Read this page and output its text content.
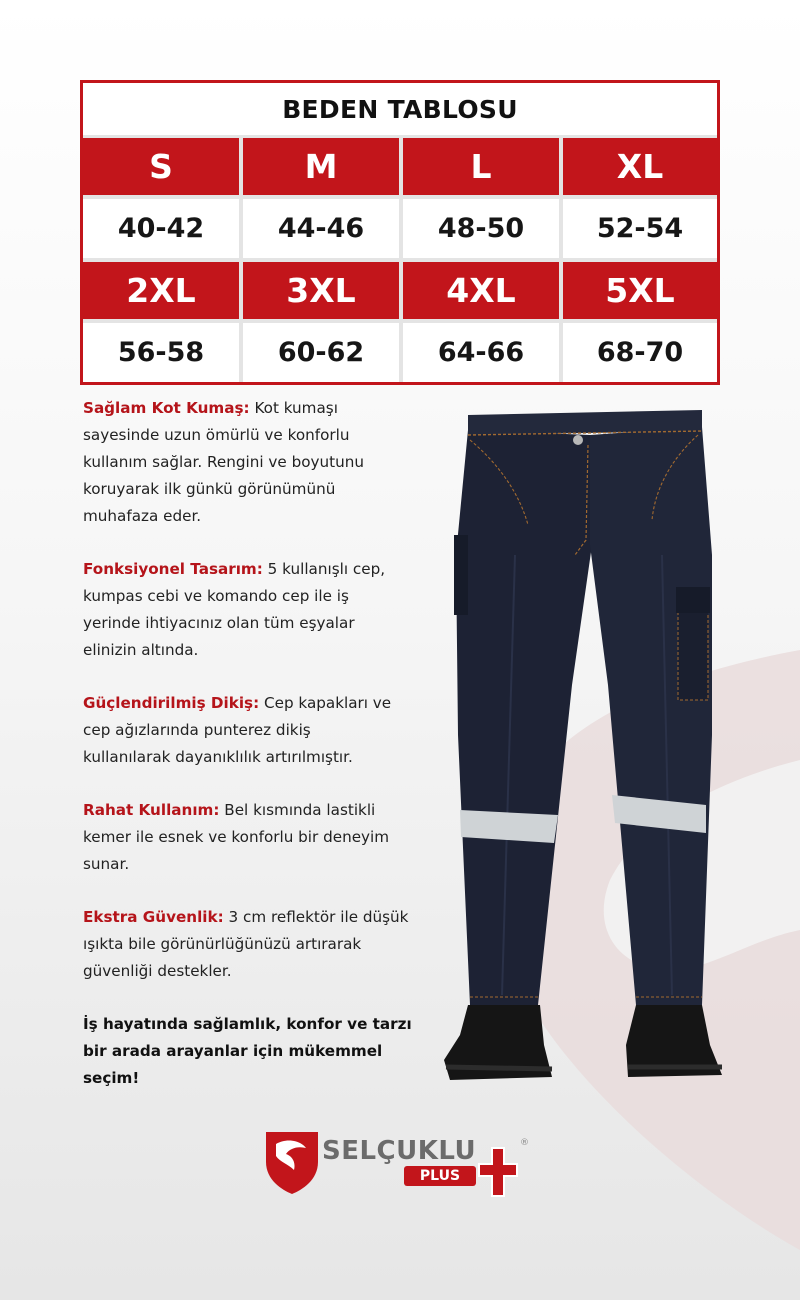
BEDEN TABLOSU
S	M	L	XL
40-42	44-46	48-50	52-54
2XL	3XL	4XL	5XL
56-58	60-62	64-66	68-70

Sağlam Kot Kumaş: Kot kumaşı
sayesinde uzun ömürlü ve konforlu
kullanım sağlar. Rengini ve boyutunu
koruyarak ilk günkü görünümünü
muhafaza eder.

Fonksiyonel Tasarım: 5 kullanışlı cep,
kumpas cebi ve komando cep ile iş
yerinde ihtiyacınız olan tüm eşyalar
elinizin altında.

Güçlendirilmiş Dikiş: Cep kapakları ve
cep ağızlarında punterez dikiş
kullanılarak dayanıklılık artırılmıştır.

Rahat Kullanım: Bel kısmında lastikli
kemer ile esnek ve konforlu bir deneyim
sunar.

Ekstra Güvenlik: 3 cm reflektör ile düşük
ışıkta bile görünürlüğünüzü artırarak
güvenliği destekler.

İş hayatında sağlamlık, konfor ve tarzı
bir arada arayanlar için mükemmel
seçim!

SELÇUKLU
PLUS
®
